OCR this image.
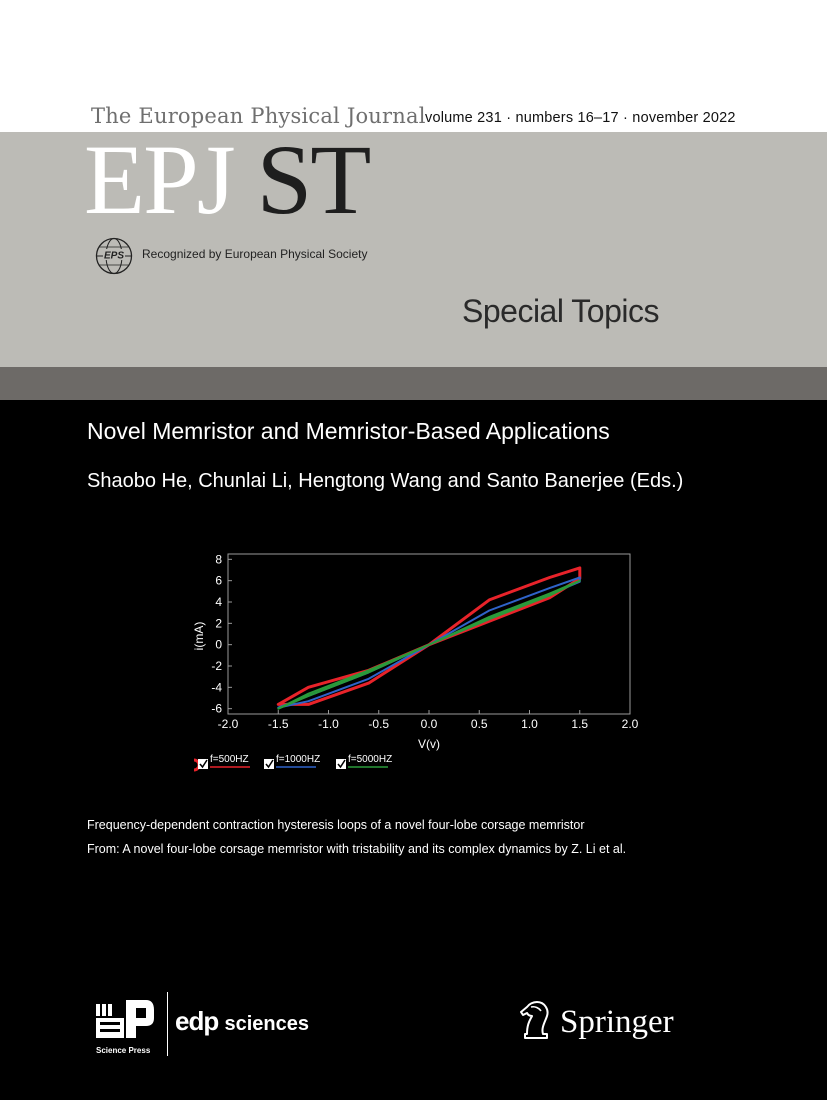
The European Physical Journal volume 231 · numbers 16–17 · november 2022
EPJ ST
EPS Recognized by European Physical Society
Special Topics
Novel Memristor and Memristor-Based Applications
Shaobo He, Chunlai Li, Hengtong Wang and Santo Banerjee (Eds.)
-2.0 -1.5 -1.0 -0.5	0.0	0.5	1.0	1.5	2.0
-6
-4
-2
0
2
4
6
8
V(v)
i(mA)
f=500HZ	f=1000HZ	f=5000HZ
Frequency-dependent contraction hysteresis loops of a novel four-lobe corsage memristor
From: A novel four-lobe corsage memristor with tristability and its complex dynamics by Z. Li et al.
Science Press
edp sciences	Springer
